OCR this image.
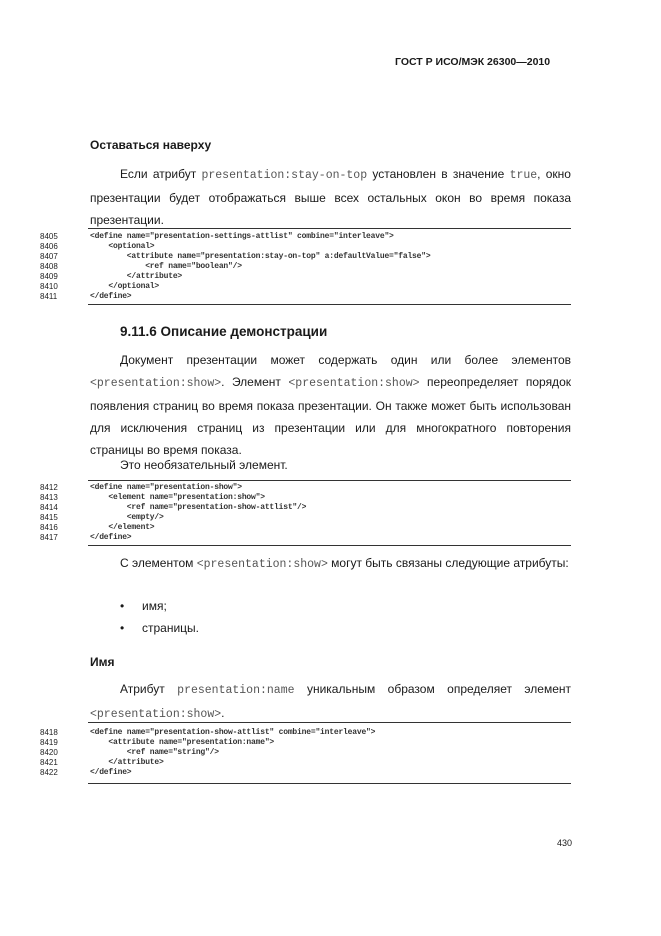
ГОСТ Р ИСО/МЭК 26300—2010
Оставаться наверху
Если атрибут presentation:stay-on-top установлен в значение true, окно презентации будет отображаться выше всех остальных окон во время показа презентации.
8405	<define name="presentation-settings-attlist" combine="interleave">
8406	<optional>
8407	<attribute name="presentation:stay-on-top" a:defaultValue="false">
8408	<ref name="boolean"/>
8409	</attribute>
8410	</optional>
8411	</define>
9.11.6 Описание демонстрации
Документ презентации может содержать один или более элементов <presentation:show>. Элемент <presentation:show> переопределяет порядок появления страниц во время показа презентации. Он также может быть использован для исключения страниц из презентации или для многократного повторения страницы во время показа.
Это необязательный элемент.
8412	<define name="presentation-show">
8413	<element name="presentation:show">
8414	<ref name="presentation-show-attlist"/>
8415	<empty/>
8416	</element>
8417	</define>
С элементом <presentation:show> могут быть связаны следующие атрибуты:
• имя;
• страницы.
Имя
Атрибут presentation:name уникальным образом определяет элемент <presentation:show>.
8418	<define name="presentation-show-attlist" combine="interleave">
8419	<attribute name="presentation:name">
8420	<ref name="string"/>
8421	</attribute>
8422	</define>
430
